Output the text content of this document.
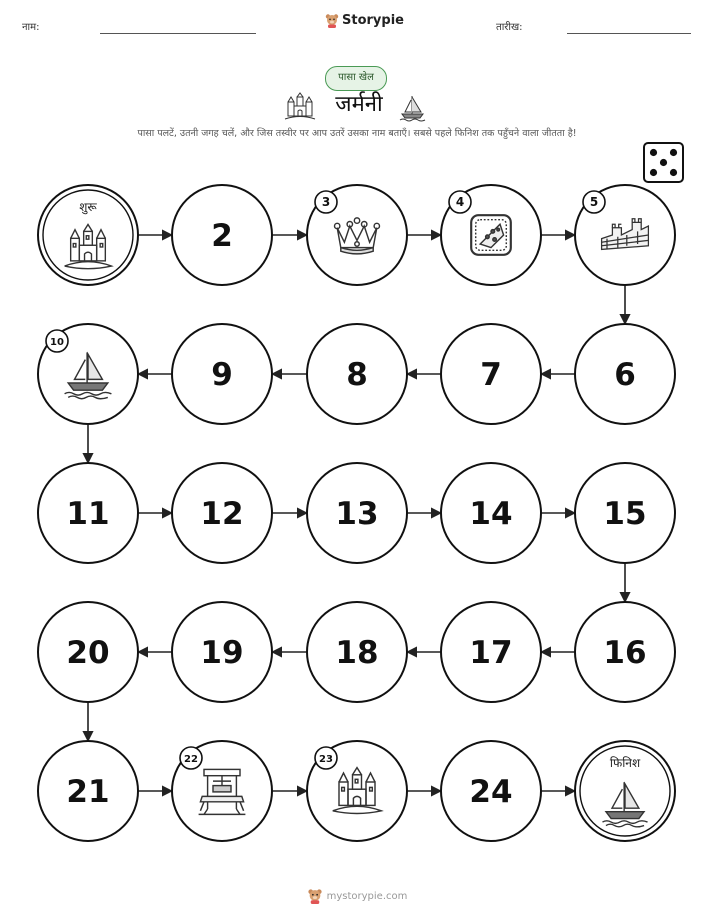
नाम:	Storypie	तारीख:
पासा खेल
जर्मनी
पासा पलटें, उतनी जगह चलें, और जिस तस्वीर पर आप उतरें उसका नाम बताएँ। सबसे पहले फिनिश तक पहुँचने वाला जीतता है!
शुरू
2
3	4	5
6
7
8
9
10
11	12	13	14	15
16
17
18
19
20
21
22	23
24
फिनिश
mystorypie.com
